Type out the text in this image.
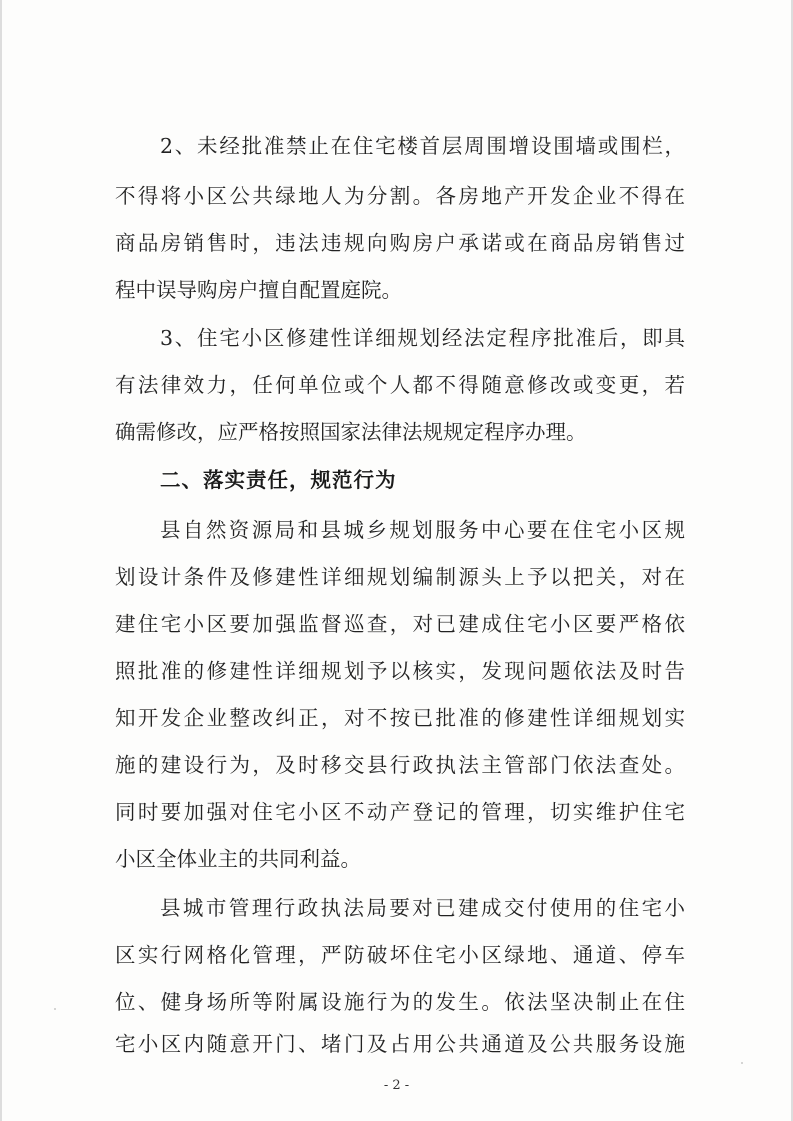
2、未经批准禁止在住宅楼首层周围增设围墙或围栏，
不得将小区公共绿地人为分割。各房地产开发企业不得在
商品房销售时，违法违规向购房户承诺或在商品房销售过
程中误导购房户擅自配置庭院。
3、住宅小区修建性详细规划经法定程序批准后，即具
有法律效力，任何单位或个人都不得随意修改或变更，若
确需修改，应严格按照国家法律法规规定程序办理。
二、落实责任，规范行为
县自然资源局和县城乡规划服务中心要在住宅小区规
划设计条件及修建性详细规划编制源头上予以把关，对在
建住宅小区要加强监督巡查，对已建成住宅小区要严格依
照批准的修建性详细规划予以核实，发现问题依法及时告
知开发企业整改纠正，对不按已批准的修建性详细规划实
施的建设行为，及时移交县行政执法主管部门依法查处。
同时要加强对住宅小区不动产登记的管理，切实维护住宅
小区全体业主的共同利益。
县城市管理行政执法局要对已建成交付使用的住宅小
区实行网格化管理，严防破坏住宅小区绿地、通道、停车
位、健身场所等附属设施行为的发生。依法坚决制止在住
- 2 -
宅小区内随意开门、堵门及占用公共通道及公共服务设施
